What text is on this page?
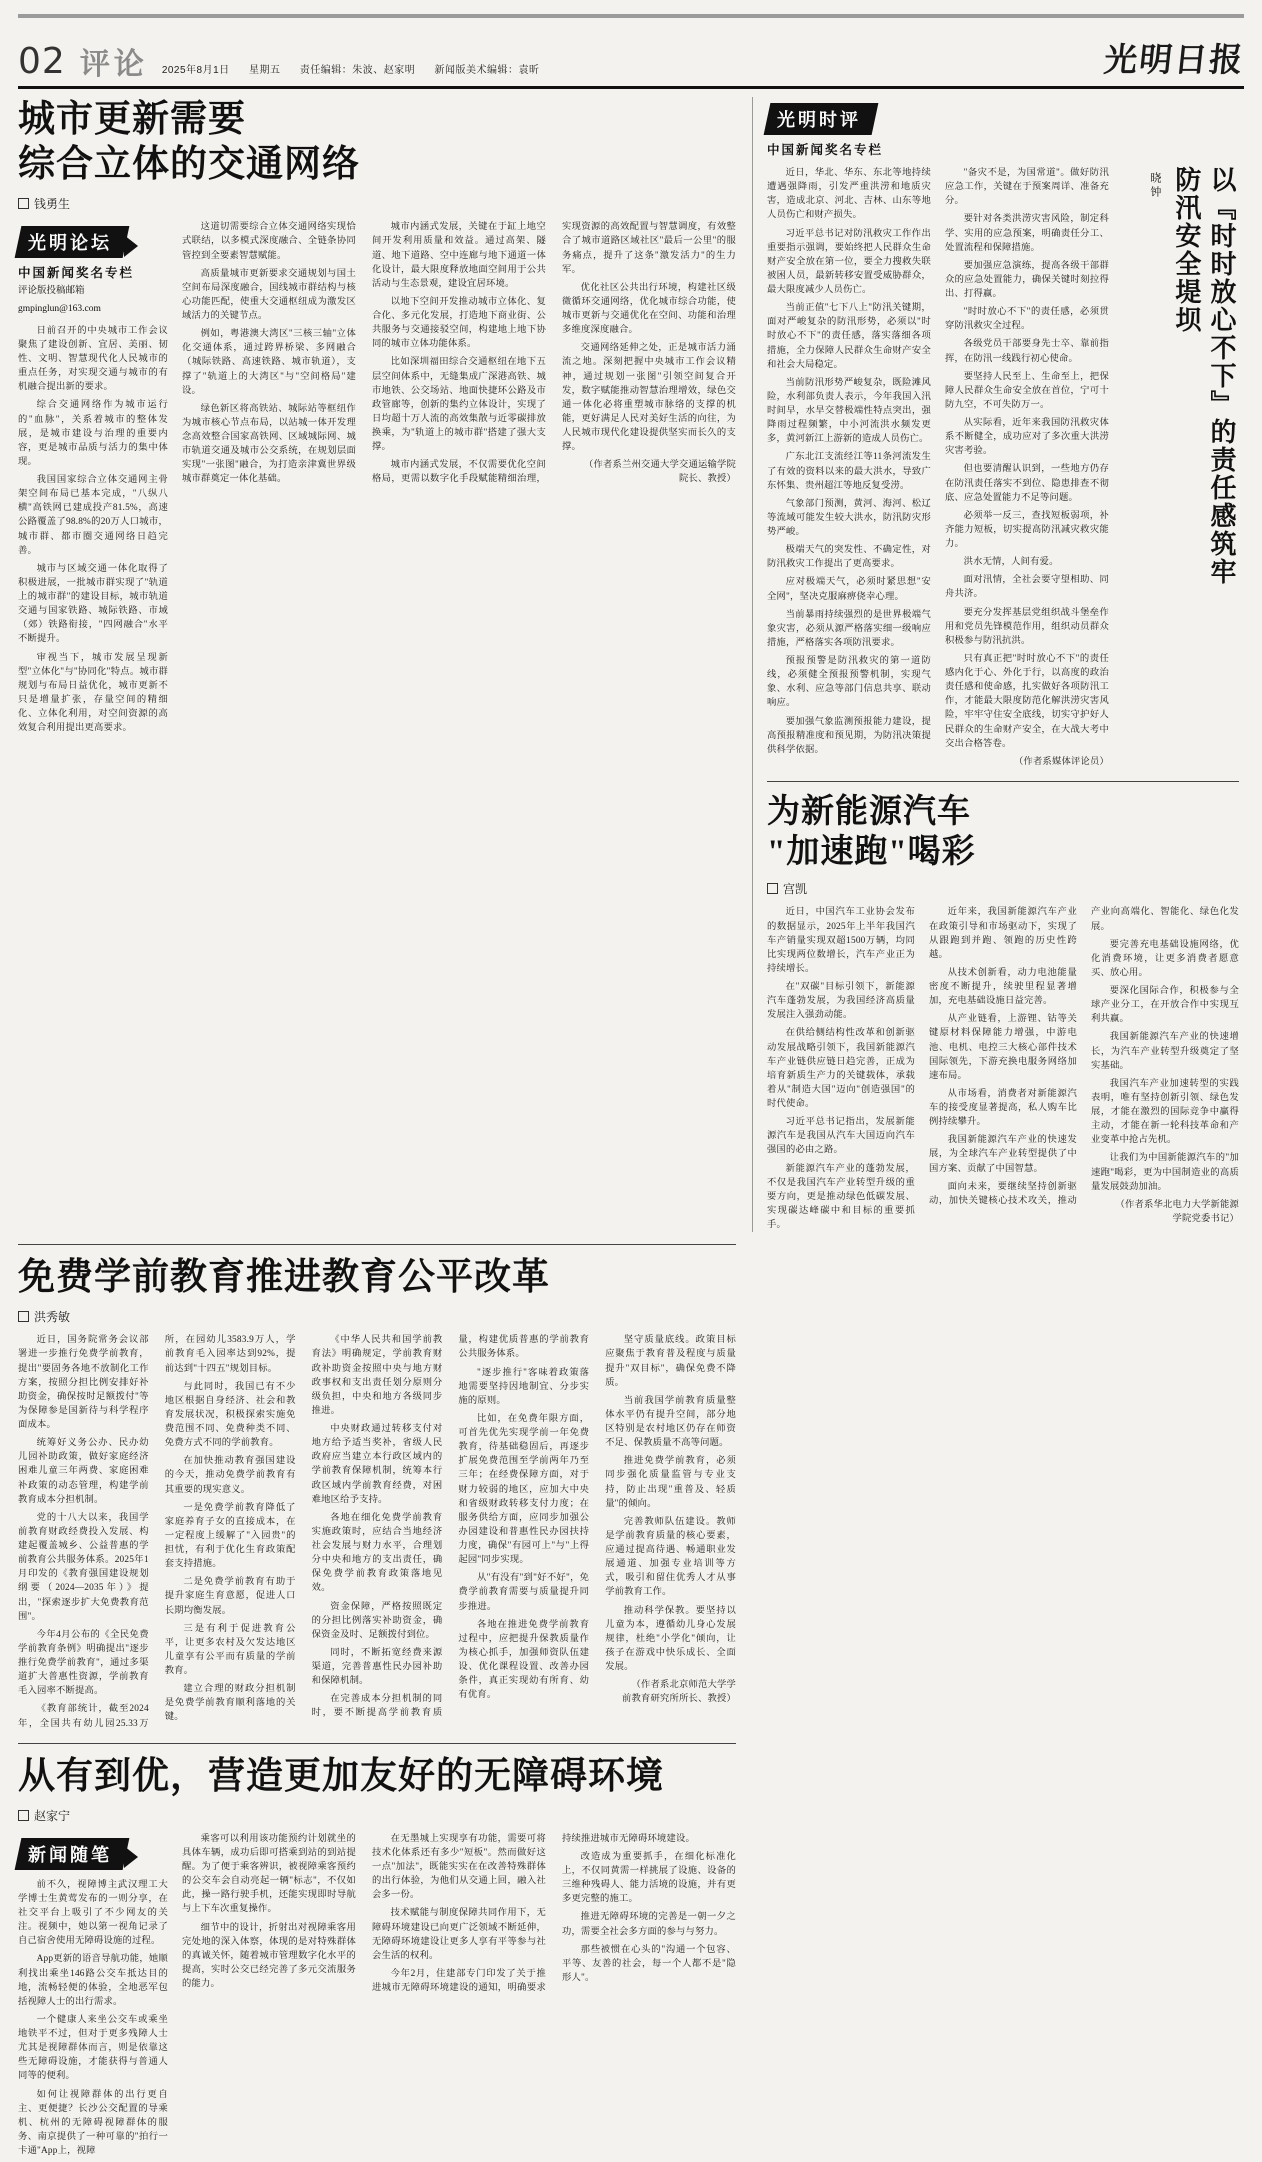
02 评论 2025年8月1日 星期五 责任编辑：朱波、赵家明 新闻版美术编辑：袁昕	光明日报
城市更新需要
综合立体的交通网络
钱勇生
光明论坛
中国新闻奖名专栏
评论版投稿邮箱
gmpinglun@163.com

日前召开的中央城市工作会议聚焦了建设创新、宜居、美丽、韧性、文明、智慧现代化人民城市的重点任务，对实现交通与城市的有机融合提出新的要求。

综合交通网络作为城市运行的"血脉"，关系着城市的整体发展，是城市建设与治理的重要内容，更是城市品质与活力的集中体现。

我国国家综合立体交通网主骨架空间布局已基本完成，"八纵八横"高铁网已建成投产81.5%，高速公路覆盖了98.8%的20万人口城市，城市群、都市圈交通网络日趋完善。

城市与区域交通一体化取得了积极进展，一批城市群实现了"轨道上的城市群"的建设目标，城市轨道交通与国家铁路、城际铁路、市域（郊）铁路衔接，"四网融合"水平不断提升。

审视当下，城市发展呈现新型"立体化"与"协同化"特点。城市群规划与布局日益优化，城市更新不只是增量扩张，存量空间的精细化、立体化利用，对空间资源的高效复合利用提出更高要求。

这道切需要综合立体交通网络实现恰式联结，以多模式深度融合、全链条协同管控到全要素智慧赋能。

高质量城市更新要求交通规划与国土空间布局深度融合，国线城市群结构与核心功能匹配，使重大交通枢纽成为激发区域活力的关键节点。

例如，粤港澳大湾区"三核三轴"立体化交通体系，通过跨界桥梁、多网融合（城际铁路、高速铁路、城市轨道），支撑了"轨道上的大湾区"与"空间格局"建设。

绿色新区将高铁站、城际站等框纽作为城市核心节点布局，以站城一体开发理念高效整合国家高铁网、区域城际网、城市轨道交通及城市公交系统，在规划层面实现"一张图"融合，为打造亲津冀世界级城市群奠定一体化基础。

城市内涵式发展，关键在于缸上地空间开发利用质量和效益。通过高架、隧道、地下道路、空中连廊与地下通道一体化设计，最大限度释放地面空间用于公共活动与生态景观，建设宜居环境。

以地下空间开发推动城市立体化、复合化、多元化发展，打造地下商业街、公共服务与交通接驳空间，构建地上地下协同的城市立体功能体系。

比如深圳福田综合交通枢纽在地下五层空间体系中，无缝集成广深港高铁、城市地铁、公交场站、地面快捷环公路及市政管廊等，创新的集约立体设计，实现了日均超十万人流的高效集散与近零碳排放换乘，为"轨道上的城市群"搭建了强大支撑。

城市内涵式发展，不仅需要优化空间格局，更需以数字化手段赋能精细治理，实现资源的高效配置与智慧调度，有效整合了城市道路区域社区"最后一公里"的服务痛点，提升了这条"激发活力"的生力军。

优化社区公共出行环境，构建社区级微循环交通网络，优化城市综合功能，使城市更新与交通优化在空间、功能和治理多维度深度融合。

交通网络延伸之处，正是城市活力涌流之地。深刻把握中央城市工作会议精神，通过规划一张图"引领空间复合开发，数字赋能推动智慧治理增效，绿色交通一体化必将重塑城市脉络的支撑的机能，更好满足人民对美好生活的向往，为人民城市现代化建设提供坚实而长久的支撑。

（作者系兰州交通大学交通运输学院院长、教授）

光明时评
中国新闻奖名专栏

近日，华北、华东、东北等地持续遭遇强降雨，引发严重洪涝和地质灾害，造成北京、河北、吉林、山东等地人员伤亡和财产损失。

习近平总书记对防汛救灾工作作出重要指示强调，要始终把人民群众生命财产安全放在第一位，要全力搜救失联被困人员，最新转移安置受威胁群众，最大限度减少人员伤亡。

当前正值"七下八上"防汛关键期，面对严峻复杂的防汛形势，必须以"时时放心不下"的责任感，落实落细各项措施，全力保障人民群众生命财产安全和社会大局稳定。

当前防汛形势严峻复杂，既险滩风险，水利部负责人表示，今年我国入汛时间早，水旱交替极端性特点突出，强降雨过程频繁，中小河流洪水频发更多，黄河新江上游新的造成人员伤亡。

广东北江支流经江等11条河流发生了有效的资料以来的最大洪水，导致广东怀集、贵州超江等地反复受涝。

气象部门预测，黄河、海河、松辽等流域可能发生较大洪水，防汛防灾形势严峻。

极端天气的突发性、不确定性，对防汛救灾工作提出了更高要求。

应对极端天气，必须时紧思想"安全网"，坚决克服麻痹侥幸心理。

当前暴雨持续强烈的是世界极端气象灾害，必须从源严格落实细一级响应措施，严格落实各项防汛要求。

预报预警是防汛救灾的第一道防线，必须健全预报预警机制，实现气象、水利、应急等部门信息共享、联动响应。

要加强气象监测预报能力建设，提高预报精准度和预见期，为防汛决策提供科学依据。

"备灾不是，为国常道"。做好防汛应急工作，关键在于预案周详、准备充分。

要针对各类洪涝灾害风险，制定科学、实用的应急预案，明确责任分工、处置流程和保障措施。

要加强应急演练，提高各级干部群众的应急处置能力，确保关键时刻拉得出、打得赢。

"时时放心不下"的责任感，必须贯穿防汛救灾全过程。

各级党员干部要身先士卒、靠前指挥，在防汛一线践行初心使命。

要坚持人民至上、生命至上，把保障人民群众生命安全放在首位，宁可十防九空，不可失防万一。

从实际看，近年来我国防汛救灾体系不断健全，成功应对了多次重大洪涝灾害考验。

但也要清醒认识到，一些地方仍存在防汛责任落实不到位、隐患排查不彻底、应急处置能力不足等问题。

必须举一反三，查找短板弱项，补齐能力短板，切实提高防汛减灾救灾能力。

洪水无情，人间有爱。

面对汛情，全社会要守望相助、同舟共济。

要充分发挥基层党组织战斗堡垒作用和党员先锋模范作用，组织动员群众积极参与防汛抗洪。

只有真正把"时时放心不下"的责任感内化于心、外化于行，以高度的政治责任感和使命感，扎实做好各项防汛工作，才能最大限度防范化解洪涝灾害风险，牢牢守住安全底线，切实守护好人民群众的生命财产安全，在大战大考中交出合格答卷。

（作者系媒体评论员）

以『时时放心不下』的责任感筑牢防汛安全堤坝
晓钟
为新能源汽车
"加速跑"喝彩
宫凯

近日，中国汽车工业协会发布的数据显示，2025年上半年我国汽车产销量实现双超1500万辆，均同比实现两位数增长，汽车产业正为持续增长。

在"双碳"目标引领下，新能源汽车蓬勃发展，为我国经济高质量发展注入强劲动能。

在供给侧结构性改革和创新驱动发展战略引领下，我国新能源汽车产业链供应链日趋完善，正成为培育新质生产力的关键载体，承载着从"制造大国"迈向"创造强国"的时代使命。

习近平总书记指出，发展新能源汽车是我国从汽车大国迈向汽车强国的必由之路。

新能源汽车产业的蓬勃发展，不仅是我国汽车产业转型升级的重要方向，更是推动绿色低碳发展、实现碳达峰碳中和目标的重要抓手。

近年来，我国新能源汽车产业在政策引导和市场驱动下，实现了从跟跑到并跑、领跑的历史性跨越。

从技术创新看，动力电池能量密度不断提升，续驶里程显著增加，充电基础设施日益完善。

从产业链看，上游锂、钴等关键原材料保障能力增强，中游电池、电机、电控三大核心部件技术国际领先，下游充换电服务网络加速布局。

从市场看，消费者对新能源汽车的接受度显著提高，私人购车比例持续攀升。

我国新能源汽车产业的快速发展，为全球汽车产业转型提供了中国方案、贡献了中国智慧。

面向未来，要继续坚持创新驱动，加快关键核心技术攻关，推动产业向高端化、智能化、绿色化发展。

要完善充电基础设施网络，优化消费环境，让更多消费者愿意买、放心用。

要深化国际合作，积极参与全球产业分工，在开放合作中实现互利共赢。

我国新能源汽车产业的快速增长，为汽车产业转型升级奠定了坚实基础。

我国汽车产业加速转型的实践表明，唯有坚持创新引领、绿色发展，才能在激烈的国际竞争中赢得主动，才能在新一轮科技革命和产业变革中抢占先机。

让我们为中国新能源汽车的"加速跑"喝彩，更为中国制造业的高质量发展鼓劲加油。

（作者系华北电力大学新能源学院党委书记）

免费学前教育推进教育公平改革
洪秀敏

近日，国务院常务会议部署进一步推行免费学前教育，提出"要固务各地不放制化工作方案，按照分担比例安排好补助资金，确保按时足额拨付"等为保障参是国新待与科学程序面成本。

统筹好义务公办、民办幼儿园补助政策，做好家庭经济困难儿童三年两费、家庭困难补政策的动态管理，构建学前教育成本分担机制。

党的十八大以来，我国学前教育财政经费投入发展、构建起覆盖城乡、公益普惠的学前教育公共服务体系。2025年1月印发的《教育强国建设规划纲要（2024—2035年）》提出，"探索逐步扩大免费教育范围"。

今年4月公布的《全民免费学前教育条例》明确提出"逐步推行免费学前教育"，通过多渠道扩大普惠性资源，学前教育毛入园率不断提高。

《教育部统计，截至2024年，全国共有幼儿园25.33万所，在园幼儿3583.9万人，学前教育毛入园率达到92%，提前达到"十四五"规划目标。

与此同时，我国已有不少地区根据自身经济、社会和教育发展状况，积极探索实施免费范围不同、免费种类不同、免费方式不同的学前教育。

在加快推动教育强国建设的今天，推动免费学前教育有其重要的现实意义。

一是免费学前教育降低了家庭养育子女的直接成本，在一定程度上缓解了"入园贵"的担忧，有利于优化生育政策配套支持措施。

二是免费学前教育有助于提升家庭生育意愿，促进人口长期均衡发展。

三是有利于促进教育公平，让更多农村及欠发达地区儿童享有公平而有质量的学前教育。

建立合理的财政分担机制是免费学前教育顺利落地的关键。

《中华人民共和国学前教育法》明确规定，学前教育财政补助资金按照中央与地方财政事权和支出责任划分原则分级负担，中央和地方各级同步推进。

中央财政通过转移支付对地方给予适当奖补，省级人民政府应当建立本行政区域内的学前教育保障机制，统筹本行政区域内学前教育经费，对困难地区给予支持。

各地在细化免费学前教育实施政策时，应结合当地经济社会发展与财力水平，合理划分中央和地方的支出责任，确保免费学前教育政策落地见效。

资金保障，严格按照既定的分担比例落实补助资金，确保资金及时、足额拨付到位。

同时，不断拓宽经费来源渠道，完善普惠性民办园补助和保障机制。

在完善成本分担机制的同时，要不断提高学前教育质量，构建优质普惠的学前教育公共服务体系。

"逐步推行"客味着政策落地需要坚持因地制宜、分步实施的原则。

比如，在免费年限方面，可首先优先实现学前一年免费教育，待基础稳固后，再逐步扩展免费范围至学前两年乃至三年；在经费保障方面，对于财力较弱的地区，应加大中央和省级财政转移支付力度；在服务供给方面，应同步加强公办园建设和普惠性民办园扶持力度，确保"有园可上"与"上得起园"同步实现。

从"有没有"到"好不好"，免费学前教育需要与质量提升同步推进。

各地在推进免费学前教育过程中，应把提升保教质量作为核心抓手，加强师资队伍建设、优化课程设置、改善办园条件，真正实现幼有所育、幼有优育。

坚守质量底线。政策目标应聚焦于教育普及程度与质量提升"双目标"，确保免费不降质。

当前我国学前教育质量整体水平仍有提升空间，部分地区特别是农村地区仍存在师资不足、保教质量不高等问题。

推进免费学前教育，必须同步强化质量监管与专业支持，防止出现"重普及、轻质量"的倾向。

完善教师队伍建设。教师是学前教育质量的核心要素，应通过提高待遇、畅通职业发展通道、加强专业培训等方式，吸引和留住优秀人才从事学前教育工作。

推动科学保教。要坚持以儿童为本，遵循幼儿身心发展规律，杜绝"小学化"倾向，让孩子在游戏中快乐成长、全面发展。

（作者系北京师范大学学前教育研究所所长、教授）

从有到优，营造更加友好的无障碍环境
赵家宁
新闻随笔

前不久，视障博主武汉理工大学博士生黄莺发布的一则分享，在社交平台上吸引了不少网友的关注。视频中，她以第一视角记录了自己宿舍使用无障碍设施的过程。

App更新的语音导航功能，她顺利找出乘坐146路公交车抵达目的地，流畅轻便的体验，全地恶军包括视障人士的出行需求。

一个健康人来坐公交车或乘坐地铁平不过，但对于更多残障人士尤其是视障群体而言，则是依靠这些无障碍设施，才能获得与普通人同等的便利。

如何让视障群体的出行更自主、更便捷？长沙公交配置的导乘机、杭州的无障碍视障群体的服务、南京提供了一种可靠的"拍行一卡通"App上，视障

乘客可以利用该功能预约计划就坐的具体车辆，成功后即可搭乘到站的到站提醒。为了便于乘客辨识，被视障乘客预约的公交车会自动亮起一辆"标志"，不仅如此，操一路行驶手机，还能实现即时导航与上下车次重复操作。

细节中的设计，折射出对视障乘客用完处地的深入体察，体现的是对特殊群体的真诚关怀，随着城市管理数字化水平的提高，实时公交已经完善了多元交流服务的能力。

在无墨城上实现享有功能，需要可将技术化体系还有多少"短板"。然而做好这一点"加法"，既能实实在在改善特殊群体的出行体验，为他们从交通上回，融入社会多一份。

技术赋能与制度保障共同作用下，无障碍环境建设已向更广泛领域不断延伸，无障碍环境建设让更多人享有平等参与社会生活的权利。

今年2月，住建部专门印发了关于推进城市无障碍环境建设的通知，明确要求持续推进城市无障碍环境建设。

改造成为重要抓手，在细化标准化上，不仅同黄需一样挑展了设施、设备的三维种残碍人、能力活境的设施，并有更多更完整的施工。

推进无障碍环境的完善是一朝一夕之功，需要全社会多方面的参与与努力。

那些被惯在心头的"沟通一个包容、平等、友善的社会，每一个人都不是"隐形人"。
